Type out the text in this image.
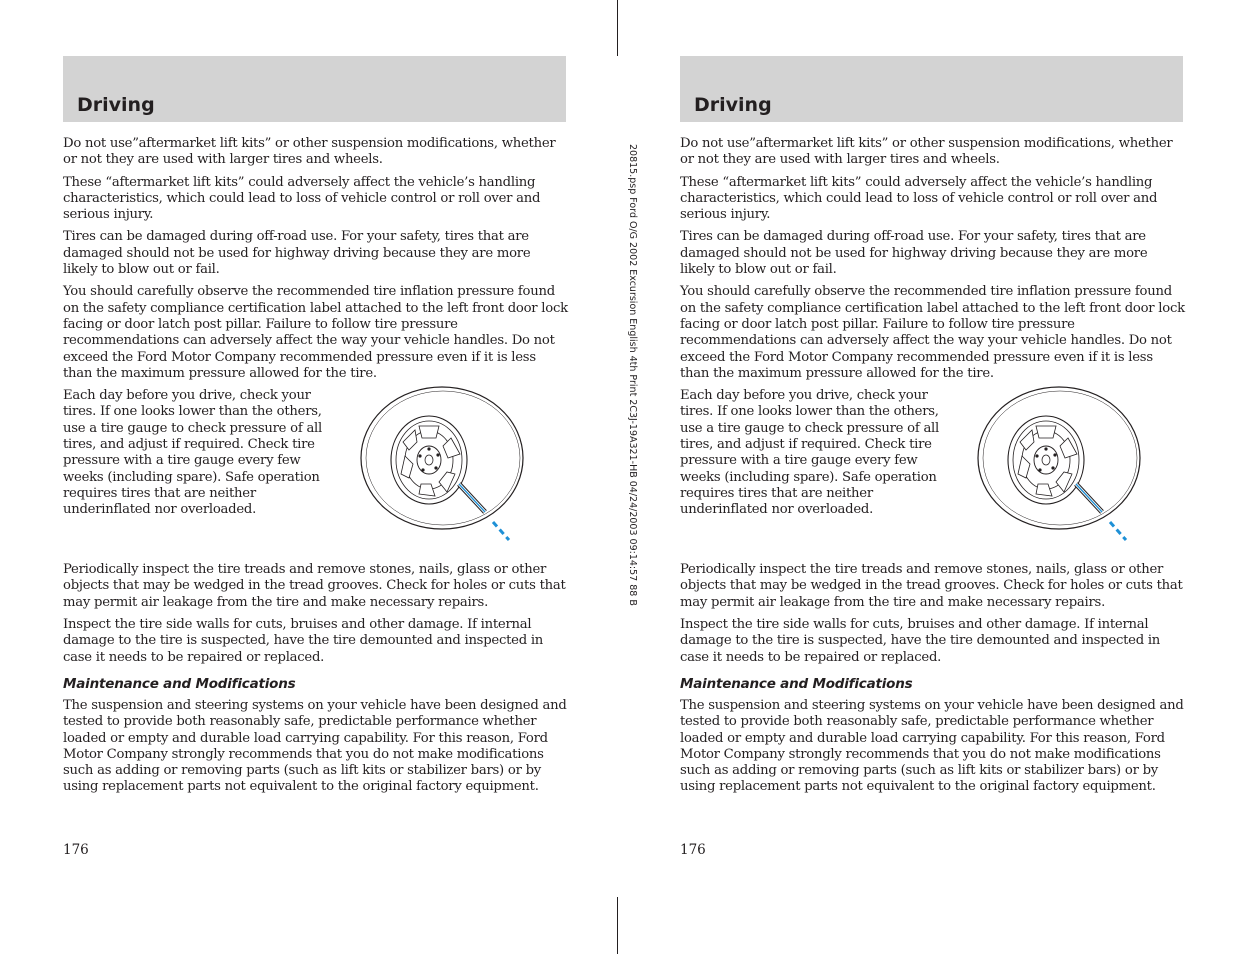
Driving

Do not use”aftermarket lift kits” or other suspension modifications, whether or not they are used with larger tires and wheels.

These “aftermarket lift kits” could adversely affect the vehicle’s handling characteristics, which could lead to loss of vehicle control or roll over and serious injury.

Tires can be damaged during off-road use. For your safety, tires that are damaged should not be used for highway driving because they are more likely to blow out or fail.

You should carefully observe the recommended tire inflation pressure found on the safety compliance certification label attached to the left front door lock facing or door latch post pillar. Failure to follow tire pressure recommendations can adversely affect the way your vehicle handles. Do not exceed the Ford Motor Company recommended pressure even if it is less than the maximum pressure allowed for the tire.

Each day before you drive, check your tires. If one looks lower than the others, use a tire gauge to check pressure of all tires, and adjust if required. Check tire pressure with a tire gauge every few weeks (including spare). Safe operation requires tires that are neither underinflated nor overloaded.

Periodically inspect the tire treads and remove stones, nails, glass or other objects that may be wedged in the tread grooves. Check for holes or cuts that may permit air leakage from the tire and make necessary repairs.

Inspect the tire side walls for cuts, bruises and other damage. If internal damage to the tire is suspected, have the tire demounted and inspected in case it needs to be repaired or replaced.

Maintenance and Modifications

The suspension and steering systems on your vehicle have been designed and tested to provide both reasonably safe, predictable performance whether loaded or empty and durable load carrying capability. For this reason, Ford Motor Company strongly recommends that you do not make modifications such as adding or removing parts (such as lift kits or stabilizer bars) or by using replacement parts not equivalent to the original factory equipment.

176
20815.psp Ford O/G 2002 Excursion English 4th Print 2C3J-19A321-HB 04/24/2003 09:14:57 88 B
Driving

Do not use”aftermarket lift kits” or other suspension modifications, whether or not they are used with larger tires and wheels.

These “aftermarket lift kits” could adversely affect the vehicle’s handling characteristics, which could lead to loss of vehicle control or roll over and serious injury.

Tires can be damaged during off-road use. For your safety, tires that are damaged should not be used for highway driving because they are more likely to blow out or fail.

You should carefully observe the recommended tire inflation pressure found on the safety compliance certification label attached to the left front door lock facing or door latch post pillar. Failure to follow tire pressure recommendations can adversely affect the way your vehicle handles. Do not exceed the Ford Motor Company recommended pressure even if it is less than the maximum pressure allowed for the tire.

Each day before you drive, check your tires. If one looks lower than the others, use a tire gauge to check pressure of all tires, and adjust if required. Check tire pressure with a tire gauge every few weeks (including spare). Safe operation requires tires that are neither underinflated nor overloaded.

Periodically inspect the tire treads and remove stones, nails, glass or other objects that may be wedged in the tread grooves. Check for holes or cuts that may permit air leakage from the tire and make necessary repairs.

Inspect the tire side walls for cuts, bruises and other damage. If internal damage to the tire is suspected, have the tire demounted and inspected in case it needs to be repaired or replaced.

Maintenance and Modifications

The suspension and steering systems on your vehicle have been designed and tested to provide both reasonably safe, predictable performance whether loaded or empty and durable load carrying capability. For this reason, Ford Motor Company strongly recommends that you do not make modifications such as adding or removing parts (such as lift kits or stabilizer bars) or by using replacement parts not equivalent to the original factory equipment.

176
